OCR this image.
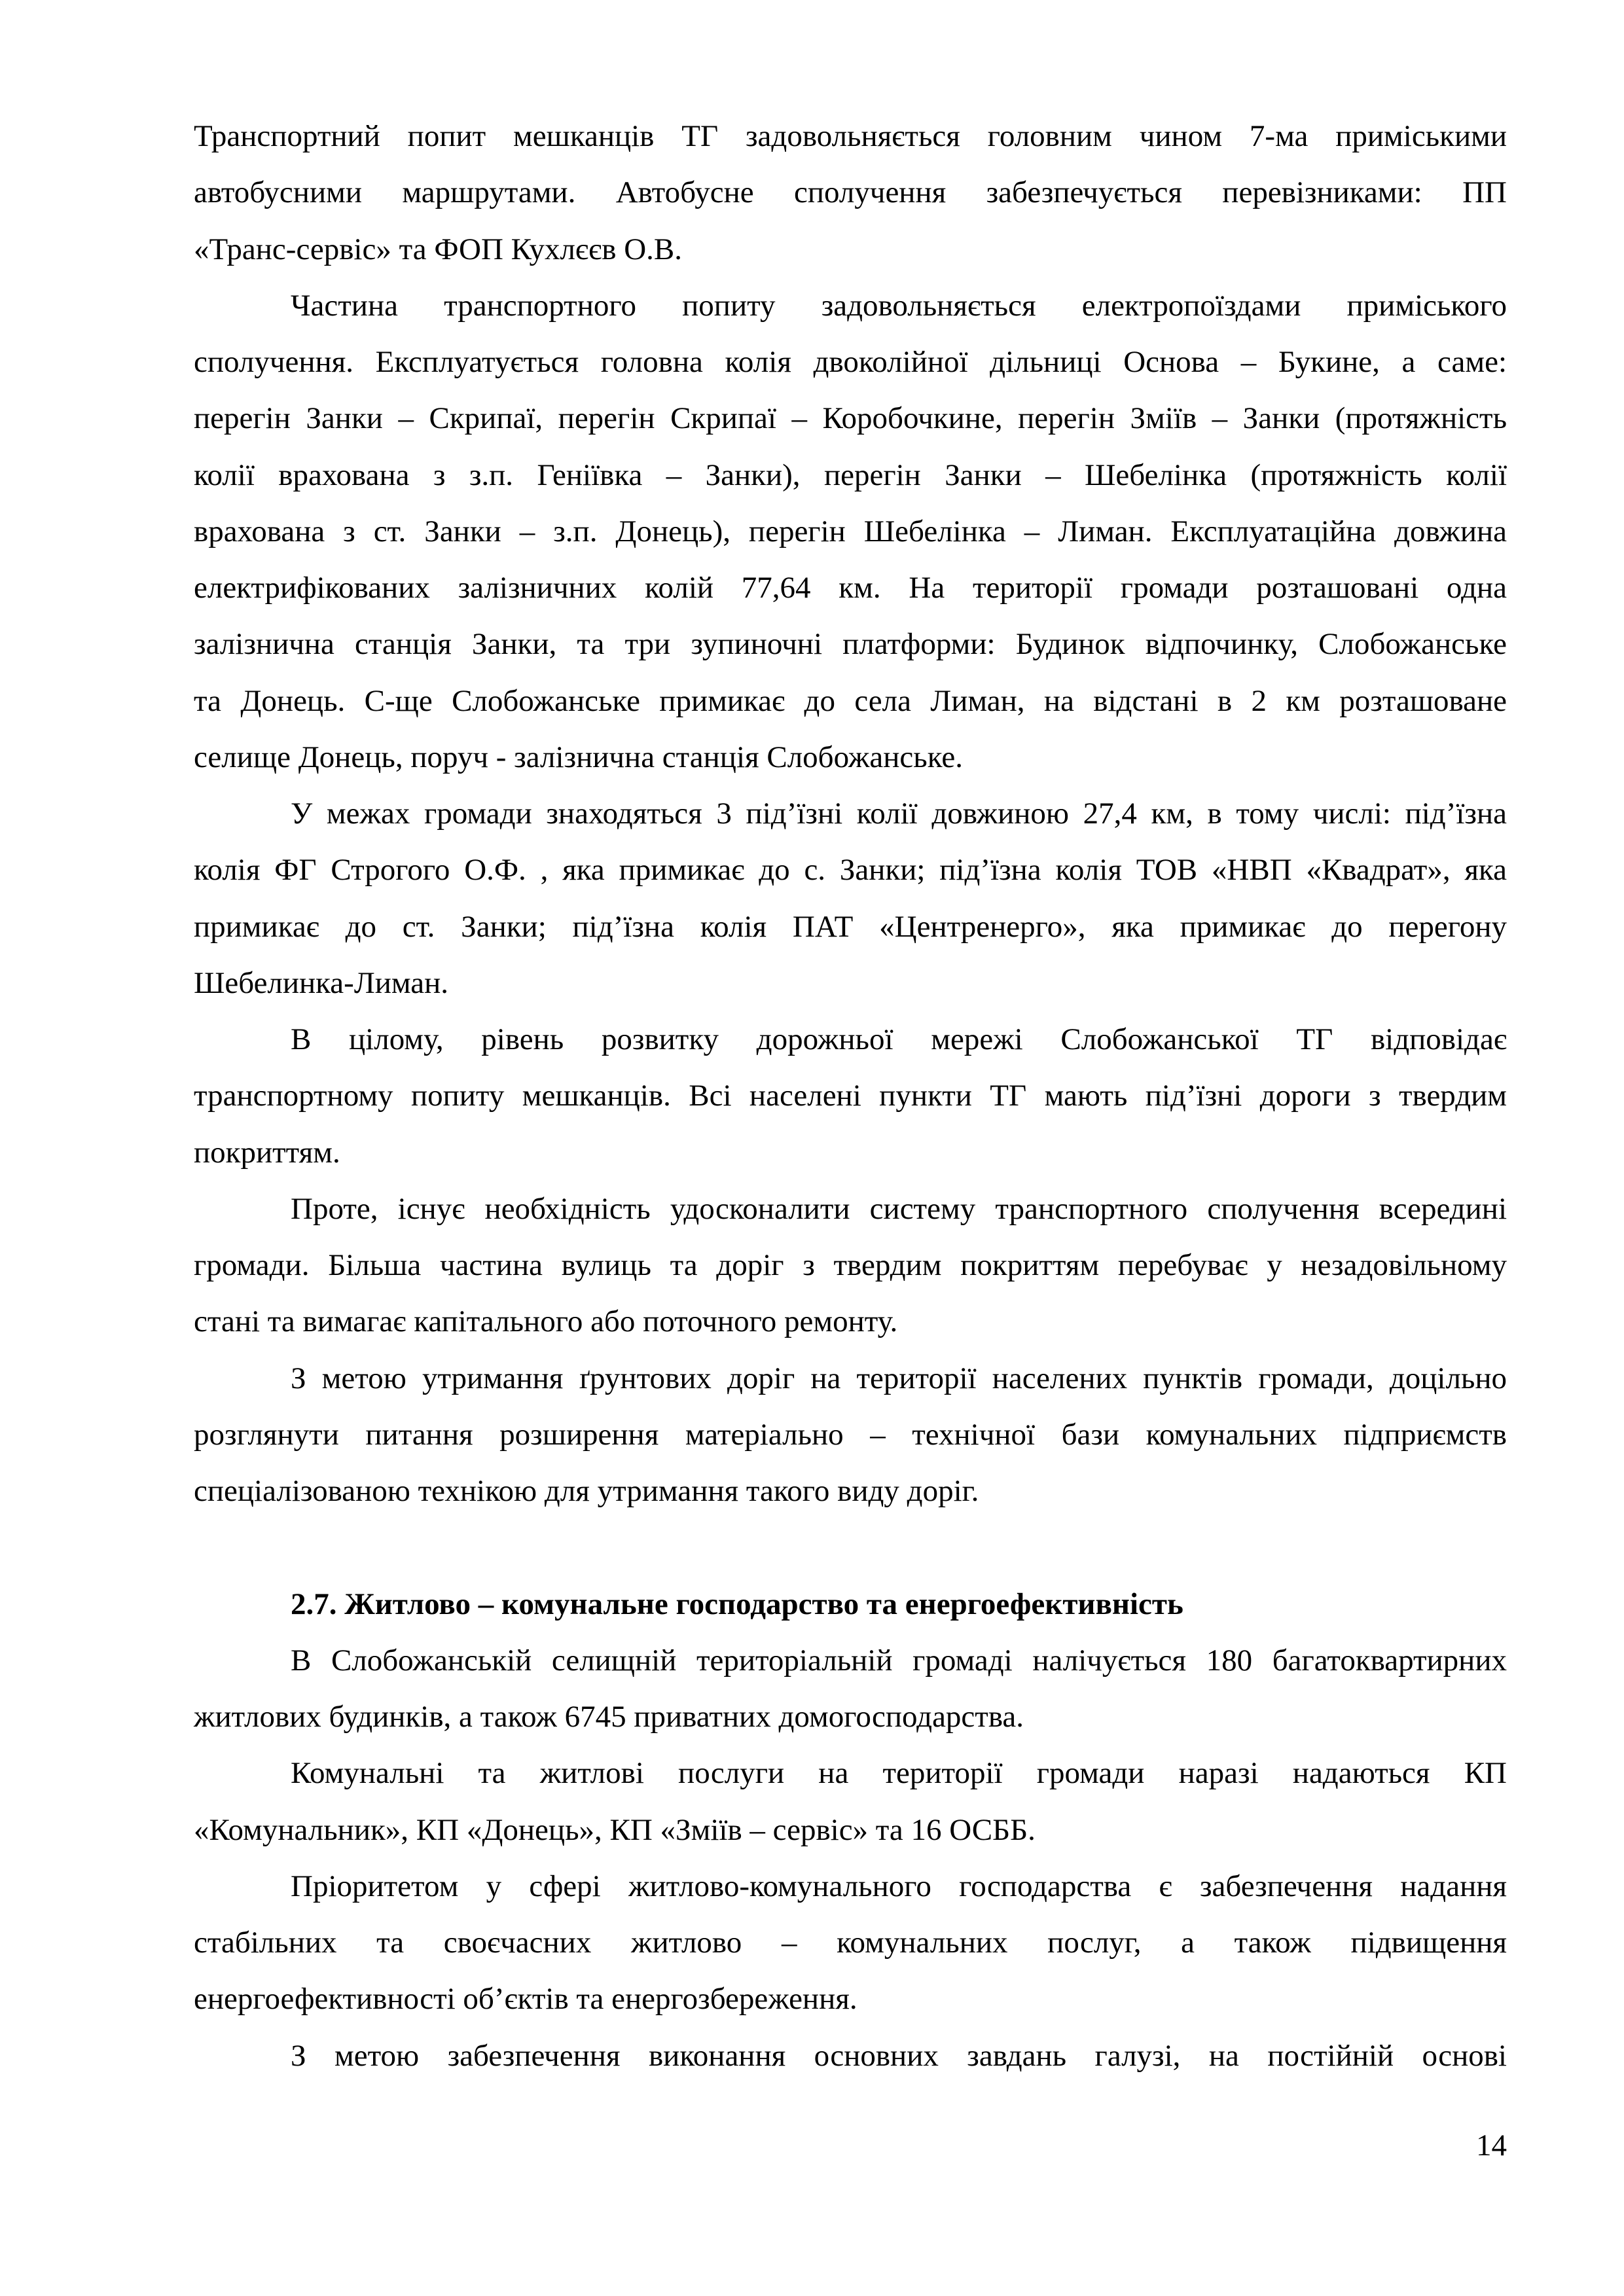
Транспортний попит мешканців ТГ задовольняється головним чином 7-ма приміськими
автобусними маршрутами. Автобусне сполучення забезпечується перевізниками: ПП
«Транс-сервіс» та ФОП Кухлєєв О.В.
Частина транспортного попиту задовольняється електропоїздами приміського
сполучення. Експлуатується головна колія двоколійної дільниці Основа – Букине, а саме:
перегін Занки – Скрипаї, перегін Скрипаї – Коробочкине, перегін Зміїв – Занки (протяжність
колії врахована з з.п. Геніївка – Занки), перегін Занки – Шебелінка (протяжність колії
врахована з ст. Занки – з.п. Донець), перегін Шебелінка – Лиман. Експлуатаційна довжина
електрифікованих залізничних колій 77,64 км. На території громади розташовані одна
залізнична станція Занки, та три зупиночні платформи: Будинок відпочинку, Слобожанське
та Донець. С-ще Слобожанське примикає до села Лиман, на відстані в 2 км розташоване
селище Донець, поруч - залізнична станція Слобожанське.
У межах громади знаходяться 3 під’їзні колії довжиною 27,4 км, в тому числі: під’їзна
колія ФГ Строгого О.Ф. , яка примикає до с. Занки; під’їзна колія ТОВ «НВП «Квадрат», яка
примикає до ст. Занки; під’їзна колія ПАТ «Центренерго», яка примикає до перегону
Шебелинка-Лиман.
В цілому, рівень розвитку дорожньої мережі Слобожанської ТГ відповідає
транспортному попиту мешканців. Всі населені пункти ТГ мають під’їзні дороги з твердим
покриттям.
Проте, існує необхідність удосконалити систему транспортного сполучення всередині
громади. Більша частина вулиць та доріг з твердим покриттям перебуває у незадовільному
стані та вимагає капітального або поточного ремонту.
З метою утримання ґрунтових доріг на території населених пунктів громади, доцільно
розглянути питання розширення матеріально – технічної бази комунальних підприємств
спеціалізованою технікою для утримання такого виду доріг.
2.7. Житлово – комунальне господарство та енергоефективність
В Слобожанській селищній територіальній громаді налічується 180 багатоквартирних
житлових будинків, а також 6745 приватних домогосподарства.
Комунальні та житлові послуги на території громади наразі надаються КП
«Комунальник», КП «Донець», КП «Зміїв – сервіс» та 16 ОСББ.
Пріоритетом у сфері житлово-комунального господарства є забезпечення надання
стабільних та своєчасних житлово – комунальних послуг, а також підвищення
енергоефективності об’єктів та енергозбереження.
З метою забезпечення виконання основних завдань галузі, на постійній основі
14
